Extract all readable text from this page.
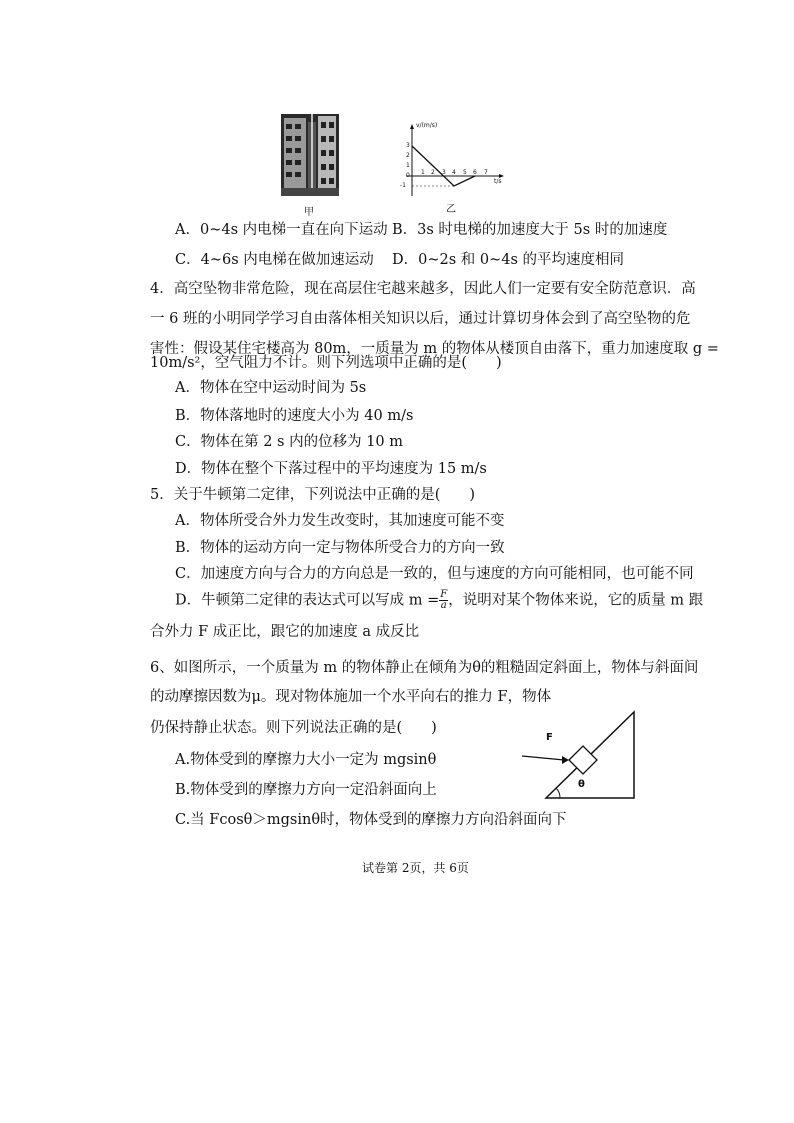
甲
v/(m/s)
t/s
3
2
1
0
-1
1 2 3 4 5 6 7
乙
A．0~4s 内电梯一直在向下运动 B．3s 时电梯的加速度大于 5s 时的加速度
C．4~6s 内电梯在做加速运动 D．0~2s 和 0~4s 的平均速度相同
4．高空坠物非常危险，现在高层住宅越来越多，因此人们一定要有安全防范意识．高
一 6 班的小明同学学习自由落体相关知识以后，通过计算切身体会到了高空坠物的危
害性：假设某住宅楼高为 80m，一质量为 m 的物体从楼顶自由落下，重力加速度取 g =
10m/s²，空气阻力不计。则下列选项中正确的是(　　)
A．物体在空中运动时间为 5s
B．物体落地时的速度大小为 40 m/s
C．物体在第 2 s 内的位移为 10 m
D．物体在整个下落过程中的平均速度为 15 m/s
5．关于牛顿第二定律，下列说法中正确的是(　　)
A．物体所受合外力发生改变时，其加速度可能不变
B．物体的运动方向一定与物体所受合力的方向一致
C．加速度方向与合力的方向总是一致的，但与速度的方向可能相同，也可能不同
D．牛顿第二定律的表达式可以写成 $m = \frac{F}{a}$ ，说明对某个物体来说，它的质量 m 跟
合外力 F 成正比，跟它的加速度 a 成反比
6、如图所示，一个质量为 m 的物体静止在倾角为θ的粗糙固定斜面上，物体与斜面间
的动摩擦因数为μ。现对物体施加一个水平向右的推力 F，物体
仍保持静止状态。则下列说法正确的是(　　)
A.物体受到的摩擦力大小一定为 mgsinθ
B.物体受到的摩擦力方向一定沿斜面向上
C.当 Fcosθ＞mgsinθ时，物体受到的摩擦力方向沿斜面向下
F
θ
试卷第 2页，共 6页
